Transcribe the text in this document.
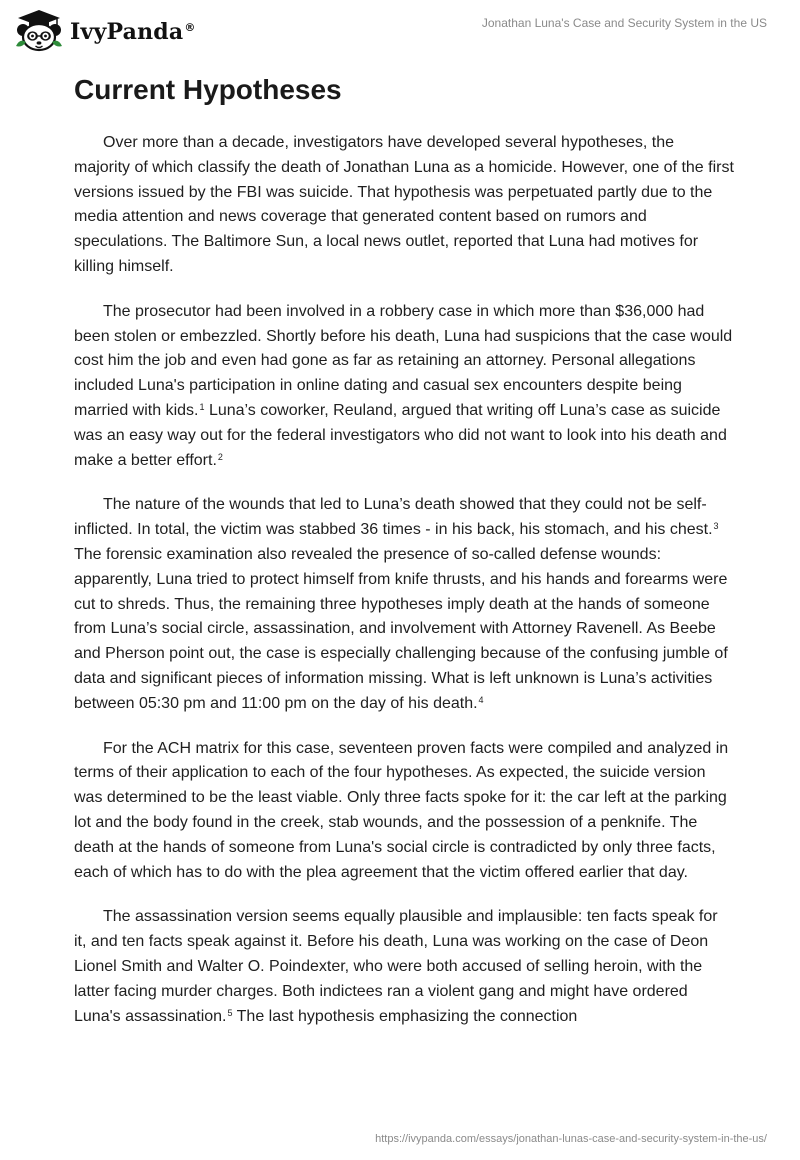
IvyPanda®	Jonathan Luna's Case and Security System in the US
Current Hypotheses

Over more than a decade, investigators have developed several hypotheses, the majority of which classify the death of Jonathan Luna as a homicide. However, one of the first versions issued by the FBI was suicide. That hypothesis was perpetuated partly due to the media attention and news coverage that generated content based on rumors and speculations. The Baltimore Sun, a local news outlet, reported that Luna had motives for killing himself.

The prosecutor had been involved in a robbery case in which more than $36,000 had been stolen or embezzled. Shortly before his death, Luna had suspicions that the case would cost him the job and even had gone as far as retaining an attorney. Personal allegations included Luna's participation in online dating and casual sex encounters despite being married with kids.$^1$ Luna’s coworker, Reuland, argued that writing off Luna’s case as suicide was an easy way out for the federal investigators who did not want to look into his death and make a better effort.$^2$

The nature of the wounds that led to Luna’s death showed that they could not be self-inflicted. In total, the victim was stabbed 36 times - in his back, his stomach, and his chest.$^3$ The forensic examination also revealed the presence of so-called defense wounds: apparently, Luna tried to protect himself from knife thrusts, and his hands and forearms were cut to shreds. Thus, the remaining three hypotheses imply death at the hands of someone from Luna’s social circle, assassination, and involvement with Attorney Ravenell. As Beebe and Pherson point out, the case is especially challenging because of the confusing jumble of data and significant pieces of information missing. What is left unknown is Luna’s activities between 05:30 pm and 11:00 pm on the day of his death.$^4$

For the ACH matrix for this case, seventeen proven facts were compiled and analyzed in terms of their application to each of the four hypotheses. As expected, the suicide version was determined to be the least viable. Only three facts spoke for it: the car left at the parking lot and the body found in the creek, stab wounds, and the possession of a penknife. The death at the hands of someone from Luna's social circle is contradicted by only three facts, each of which has to do with the plea agreement that the victim offered earlier that day.

The assassination version seems equally plausible and implausible: ten facts speak for it, and ten facts speak against it. Before his death, Luna was working on the case of Deon Lionel Smith and Walter O. Poindexter, who were both accused of selling heroin, with the latter facing murder charges. Both indictees ran a violent gang and might have ordered Luna's assassination.$^5$ The last hypothesis emphasizing the connection

https://ivypanda.com/essays/jonathan-lunas-case-and-security-system-in-the-us/
